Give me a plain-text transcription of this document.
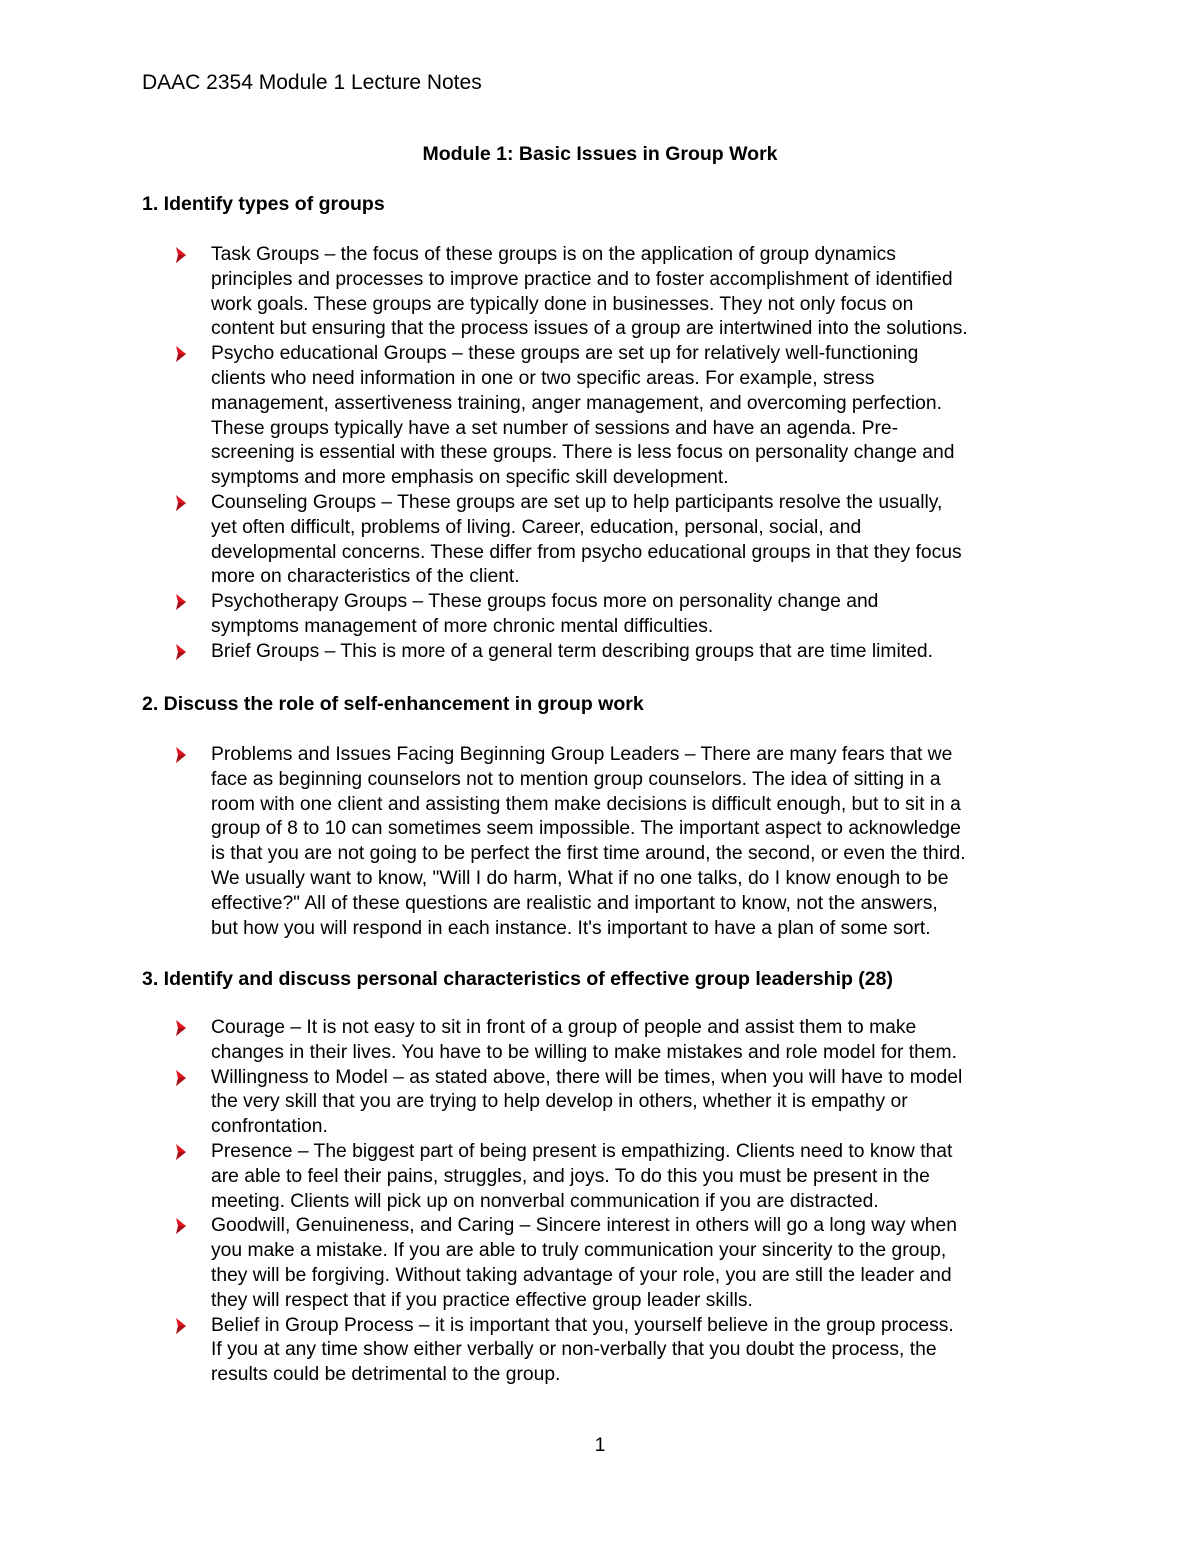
DAAC 2354 Module 1 Lecture Notes
Module 1: Basic Issues in Group Work
1. Identify types of groups
Task Groups – the focus of these groups is on the application of group dynamics
principles and processes to improve practice and to foster accomplishment of identified
work goals. These groups are typically done in businesses. They not only focus on
content but ensuring that the process issues of a group are intertwined into the solutions.
Psycho educational Groups – these groups are set up for relatively well-functioning
clients who need information in one or two specific areas. For example, stress
management, assertiveness training, anger management, and overcoming perfection.
These groups typically have a set number of sessions and have an agenda. Pre-
screening is essential with these groups. There is less focus on personality change and
symptoms and more emphasis on specific skill development.
Counseling Groups – These groups are set up to help participants resolve the usually,
yet often difficult, problems of living. Career, education, personal, social, and
developmental concerns. These differ from psycho educational groups in that they focus
more on characteristics of the client.
Psychotherapy Groups – These groups focus more on personality change and
symptoms management of more chronic mental difficulties.
Brief Groups – This is more of a general term describing groups that are time limited.
2. Discuss the role of self-enhancement in group work
Problems and Issues Facing Beginning Group Leaders – There are many fears that we
face as beginning counselors not to mention group counselors. The idea of sitting in a
room with one client and assisting them make decisions is difficult enough, but to sit in a
group of 8 to 10 can sometimes seem impossible. The important aspect to acknowledge
is that you are not going to be perfect the first time around, the second, or even the third.
We usually want to know, "Will I do harm, What if no one talks, do I know enough to be
effective?" All of these questions are realistic and important to know, not the answers,
but how you will respond in each instance. It's important to have a plan of some sort.
3. Identify and discuss personal characteristics of effective group leadership (28)
Courage – It is not easy to sit in front of a group of people and assist them to make
changes in their lives. You have to be willing to make mistakes and role model for them.
Willingness to Model – as stated above, there will be times, when you will have to model
the very skill that you are trying to help develop in others, whether it is empathy or
confrontation.
Presence – The biggest part of being present is empathizing. Clients need to know that
are able to feel their pains, struggles, and joys. To do this you must be present in the
meeting. Clients will pick up on nonverbal communication if you are distracted.
Goodwill, Genuineness, and Caring – Sincere interest in others will go a long way when
you make a mistake. If you are able to truly communication your sincerity to the group,
they will be forgiving. Without taking advantage of your role, you are still the leader and
they will respect that if you practice effective group leader skills.
Belief in Group Process – it is important that you, yourself believe in the group process.
If you at any time show either verbally or non-verbally that you doubt the process, the
results could be detrimental to the group.
1
